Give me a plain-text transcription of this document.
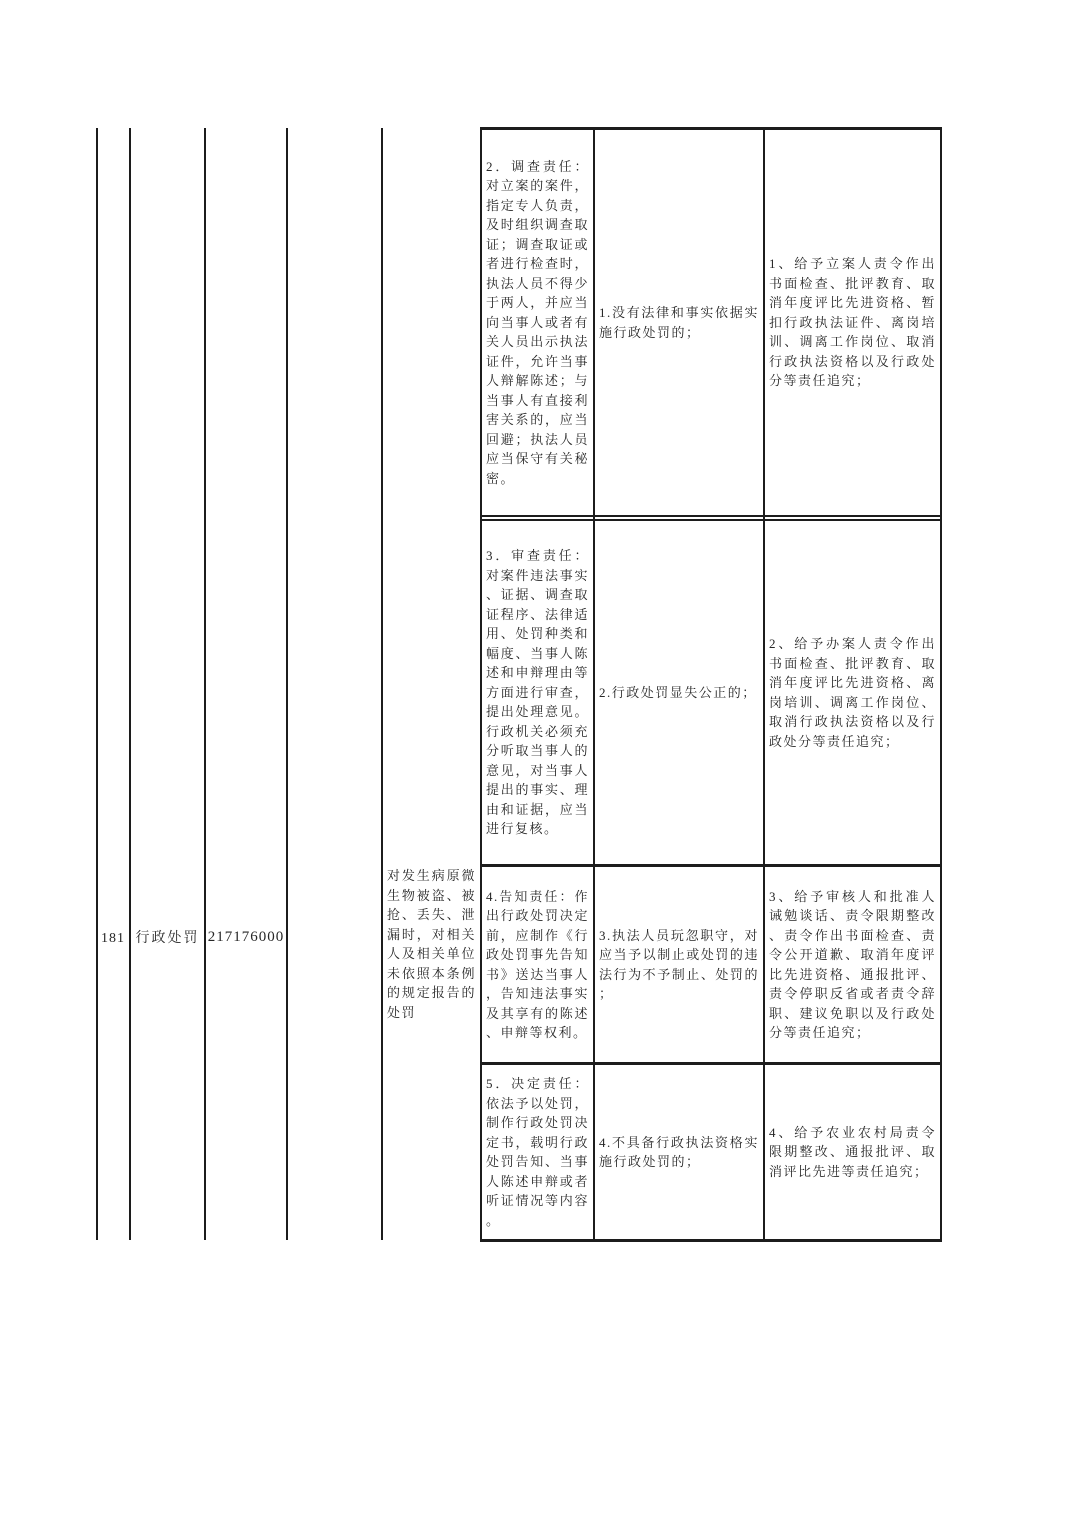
181 行政处罚 217176000
对发生病原微生物被盗、被抢、丢失、泄漏时，对相关人及相关单位未依照本条例的规定报告的处罚
2．调查责任：对立案的案件，指定专人负责，及时组织调查取证；调查取证或者进行检查时，执法人员不得少于两人，并应当向当事人或者有关人员出示执法证件，允许当事人辩解陈述；与当事人有直接利害关系的，应当回避；执法人员应当保守有关秘密。
1.没有法律和事实依据实施行政处罚的；
1、给予立案人责令作出书面检查、批评教育、取消年度评比先进资格、暂扣行政执法证件、离岗培训、调离工作岗位、取消行政执法资格以及行政处分等责任追究；
3．审查责任：对案件违法事实、证据、调查取证程序、法律适用、处罚种类和幅度、当事人陈述和申辩理由等方面进行审查，提出处理意见。行政机关必须充分听取当事人的意见，对当事人提出的事实、理由和证据，应当进行复核。
2.行政处罚显失公正的；
2、给予办案人责令作出书面检查、批评教育、取消年度评比先进资格、离岗培训、调离工作岗位、取消行政执法资格以及行政处分等责任追究；
4.告知责任：作出行政处罚决定前，应制作《行政处罚事先告知书》送达当事人，告知违法事实及其享有的陈述、申辩等权利。
3.执法人员玩忽职守，对应当予以制止或处罚的违法行为不予制止、处罚的；
3、给予审核人和批准人诫勉谈话、责令限期整改、责令作出书面检查、责令公开道歉、取消年度评比先进资格、通报批评、责令停职反省或者责令辞职、建议免职以及行政处分等责任追究；
5．决定责任：依法予以处罚，制作行政处罚决定书，载明行政处罚告知、当事人陈述申辩或者听证情况等内容。
4.不具备行政执法资格实施行政处罚的；
4、给予农业农村局责令限期整改、通报批评、取消评比先进等责任追究；
